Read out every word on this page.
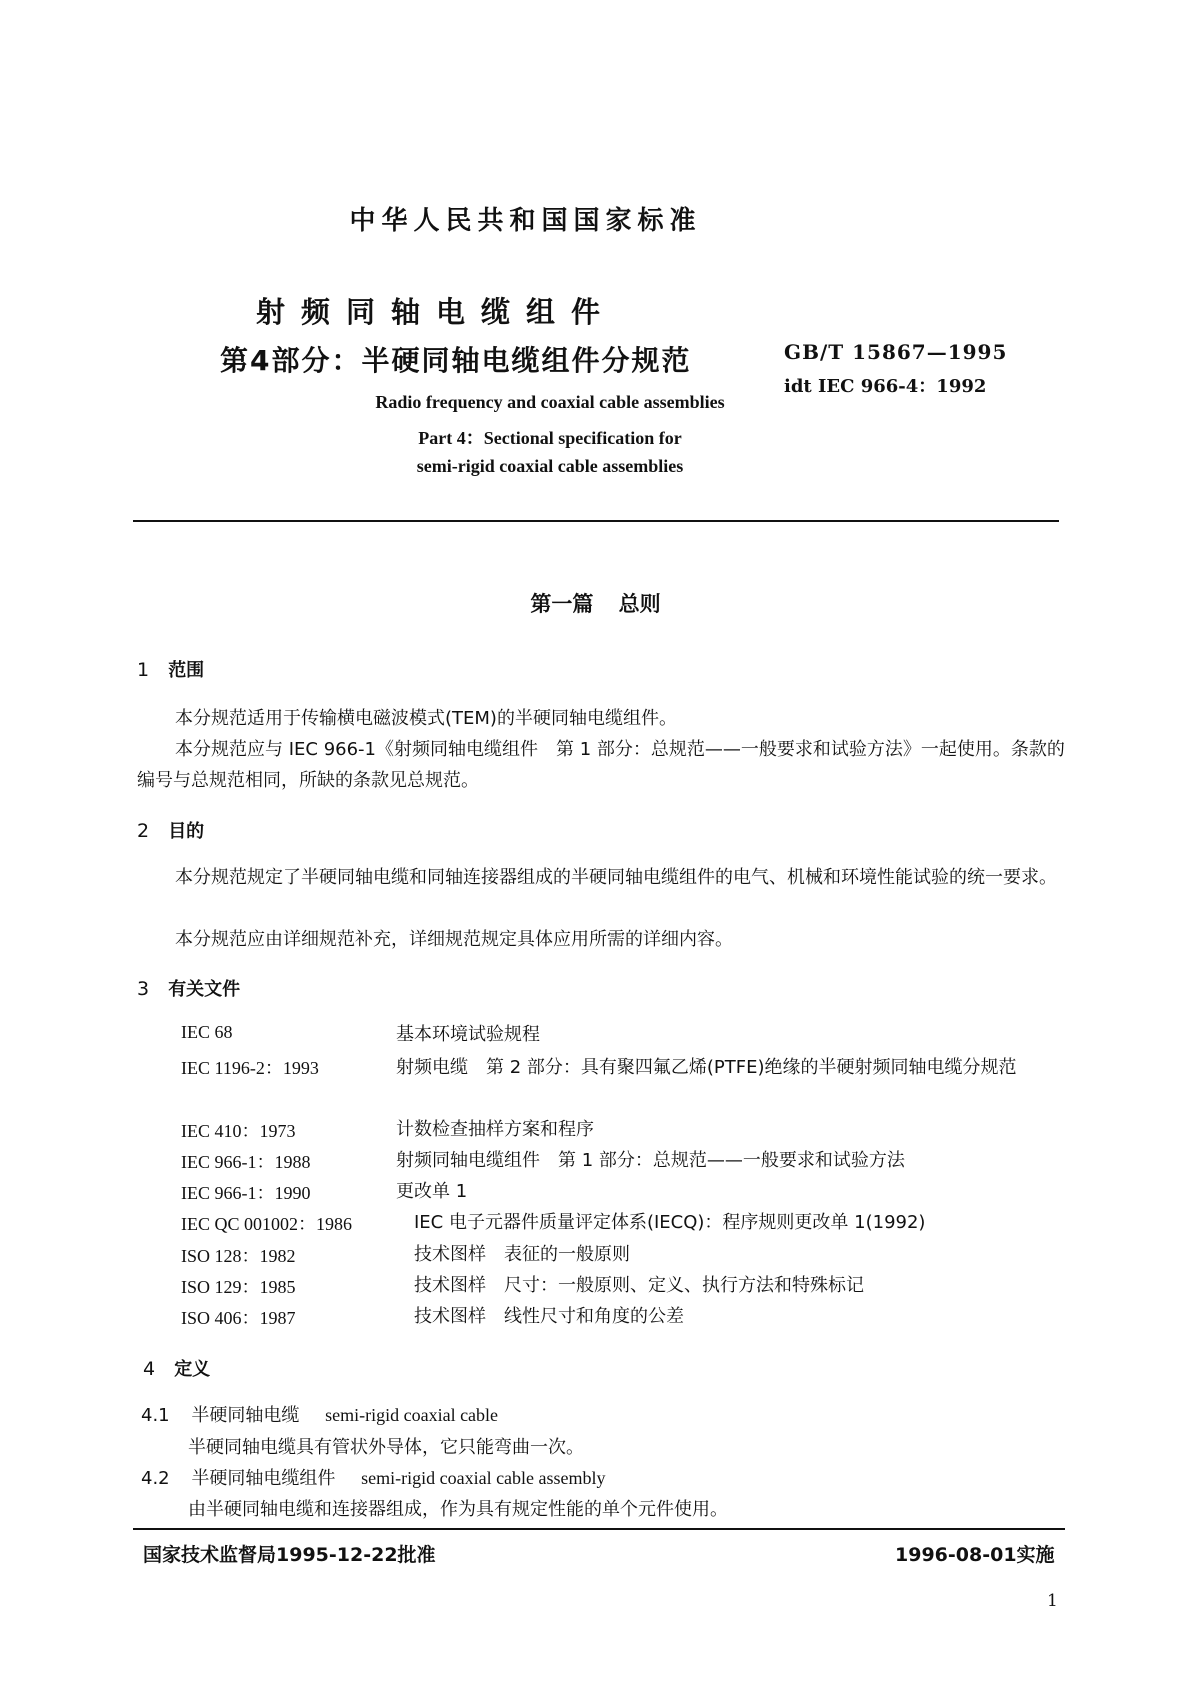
中华人民共和国国家标准
射频同轴电缆组件
第4部分：半硬同轴电缆组件分规范	GB/T 15867—1995
idt IEC 966-4：1992
Radio frequency and coaxial cable assemblies
Part 4：Sectional specification for
semi-rigid coaxial cable assemblies
第一篇 总则
1 范围
本分规范适用于传输横电磁波模式(TEM)的半硬同轴电缆组件。
本分规范应与 IEC 966-1《射频同轴电缆组件　第 1 部分：总规范——一般要求和试验方法》一起使用。条款的编号与总规范相同，所缺的条款见总规范。
2 目的
本分规范规定了半硬同轴电缆和同轴连接器组成的半硬同轴电缆组件的电气、机械和环境性能试验的统一要求。
本分规范应由详细规范补充，详细规范规定具体应用所需的详细内容。
3 有关文件
IEC 68	基本环境试验规程
IEC 1196-2：1993	射频电缆　第 2 部分：具有聚四氟乙烯(PTFE)绝缘的半硬射频同轴电缆分规范
IEC 410：1973	计数检查抽样方案和程序
IEC 966-1：1988	射频同轴电缆组件　第 1 部分：总规范——一般要求和试验方法
IEC 966-1：1990	更改单 1
IEC QC 001002：1986	IEC 电子元器件质量评定体系(IECQ)：程序规则更改单 1(1992)
ISO 128：1982	技术图样　表征的一般原则
ISO 129：1985	技术图样　尺寸：一般原则、定义、执行方法和特殊标记
ISO 406：1987	技术图样　线性尺寸和角度的公差
4 定义
4.1 半硬同轴电缆 semi-rigid coaxial cable
半硬同轴电缆具有管状外导体，它只能弯曲一次。
4.2 半硬同轴电缆组件 semi-rigid coaxial cable assembly
由半硬同轴电缆和连接器组成，作为具有规定性能的单个元件使用。
国家技术监督局1995-12-22批准	1996-08-01实施
1
